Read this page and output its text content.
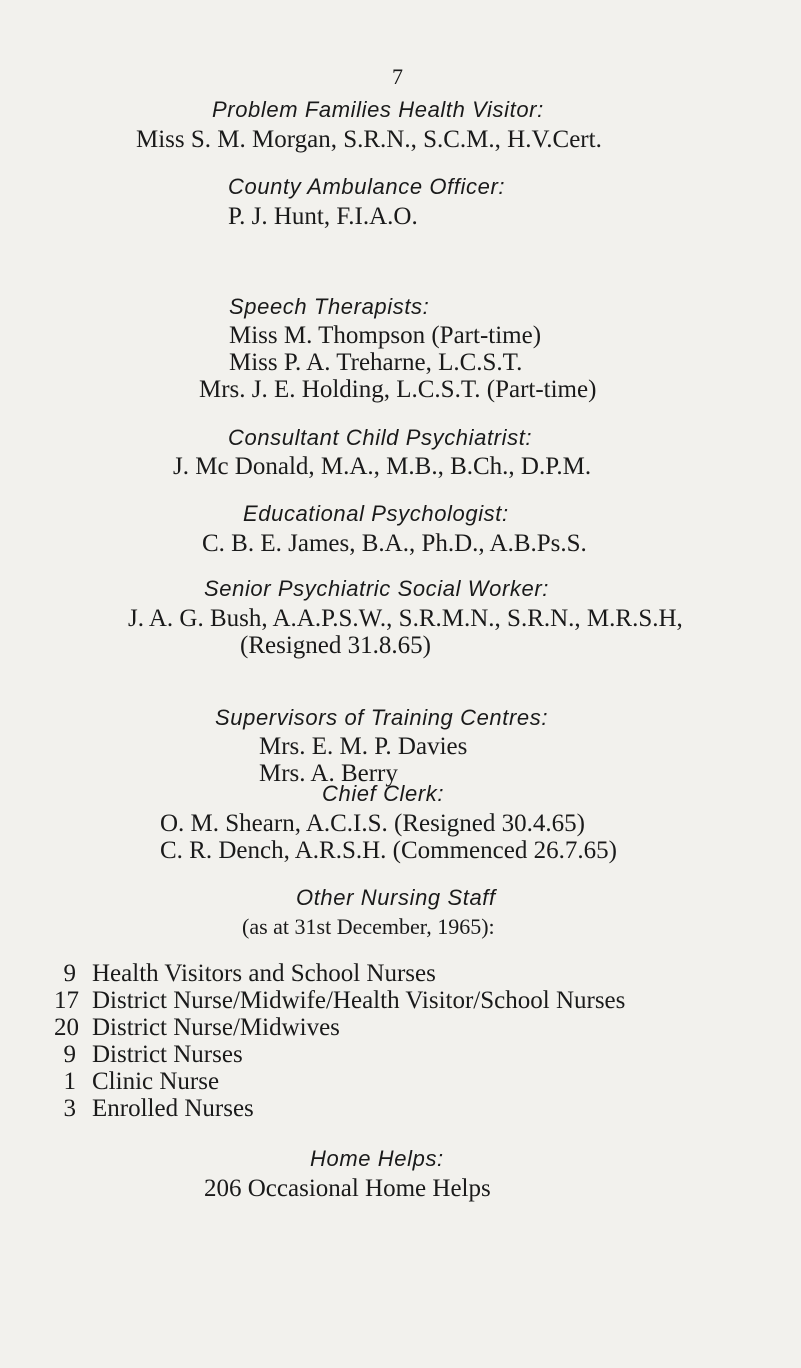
7
Problem Families Health Visitor:
Miss S. M. Morgan, S.R.N., S.C.M., H.V.Cert.
County Ambulance Officer:
P. J. Hunt, F.I.A.O.
Speech Therapists:
Miss M. Thompson (Part-time)
Miss P. A. Treharne, L.C.S.T.
Mrs. J. E. Holding, L.C.S.T. (Part-time)
Consultant Child Psychiatrist:
J. Mc Donald, M.A., M.B., B.Ch., D.P.M.
Educational Psychologist:
C. B. E. James, B.A., Ph.D., A.B.Ps.S.
Senior Psychiatric Social Worker:
J. A. G. Bush, A.A.P.S.W., S.R.M.N., S.R.N., M.R.S.H,
(Resigned 31.8.65)
Supervisors of Training Centres:
Mrs. E. M. P. Davies
Mrs. A. Berry
Chief Clerk:
O. M. Shearn, A.C.I.S. (Resigned 30.4.65)
C. R. Dench, A.R.S.H. (Commenced 26.7.65)
Other Nursing Staff
(as at 31st December, 1965):
9 Health Visitors and School Nurses
17 District Nurse/Midwife/Health Visitor/School Nurses
20 District Nurse/Midwives
9 District Nurses
1 Clinic Nurse
3 Enrolled Nurses
Home Helps:
206 Occasional Home Helps
